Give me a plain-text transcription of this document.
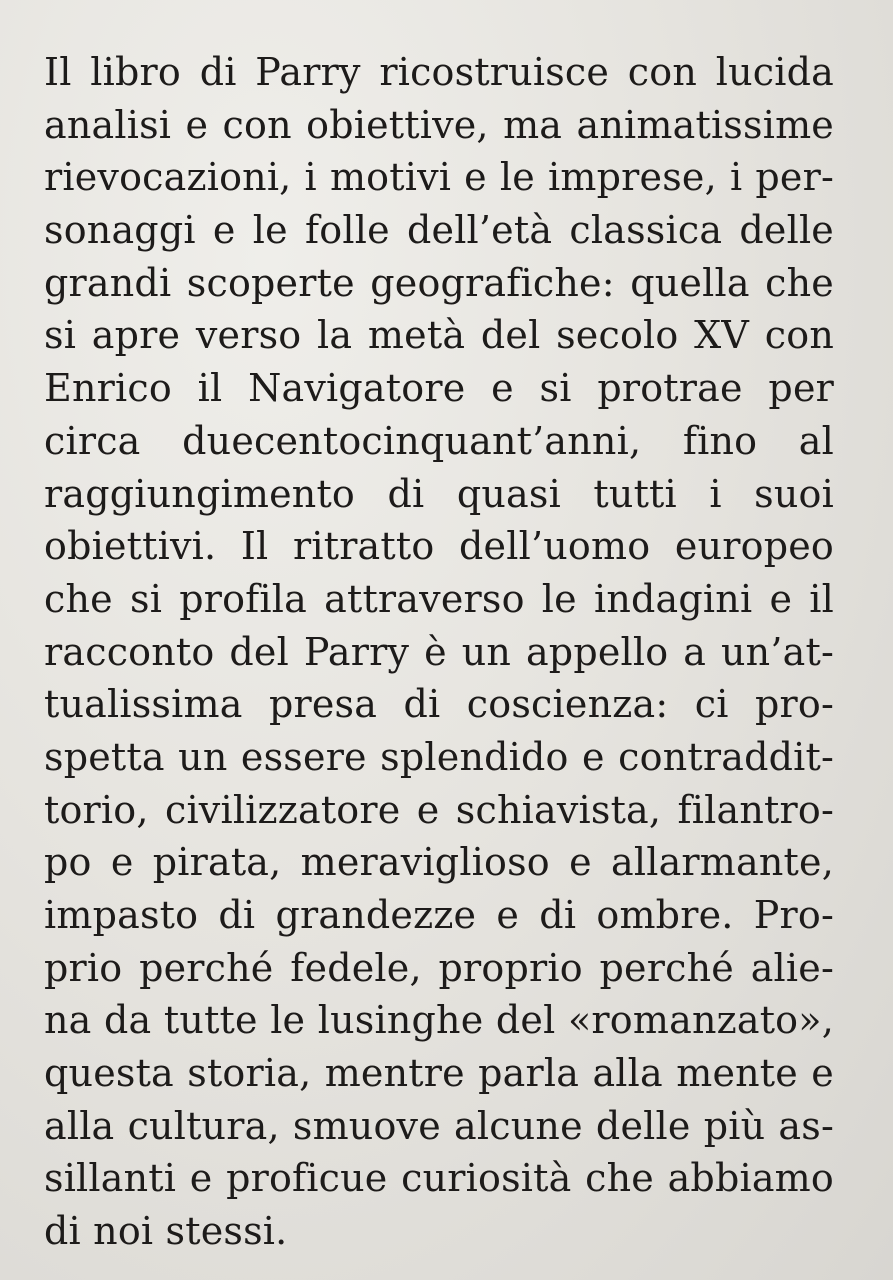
Il libro di Parry ricostruisce con lucida
analisi e con obiettive, ma animatissime
rievocazioni, i motivi e le imprese, i per-
sonaggi e le folle dell’età classica delle
grandi scoperte geografiche: quella che
si apre verso la metà del secolo XV con
Enrico il Navigatore e si protrae per
circa duecentocinquant’anni, fino al
raggiungimento di quasi tutti i suoi
obiettivi. Il ritratto dell’uomo europeo
che si profila attraverso le indagini e il
racconto del Parry è un appello a un’at-
tualissima presa di coscienza: ci pro-
spetta un essere splendido e contraddit-
torio, civilizzatore e schiavista, filantro-
po e pirata, meraviglioso e allarmante,
impasto di grandezze e di ombre. Pro-
prio perché fedele, proprio perché alie-
na da tutte le lusinghe del «romanzato»,
questa storia, mentre parla alla mente e
alla cultura, smuove alcune delle più as-
sillanti e proficue curiosità che abbiamo
di noi stessi.
